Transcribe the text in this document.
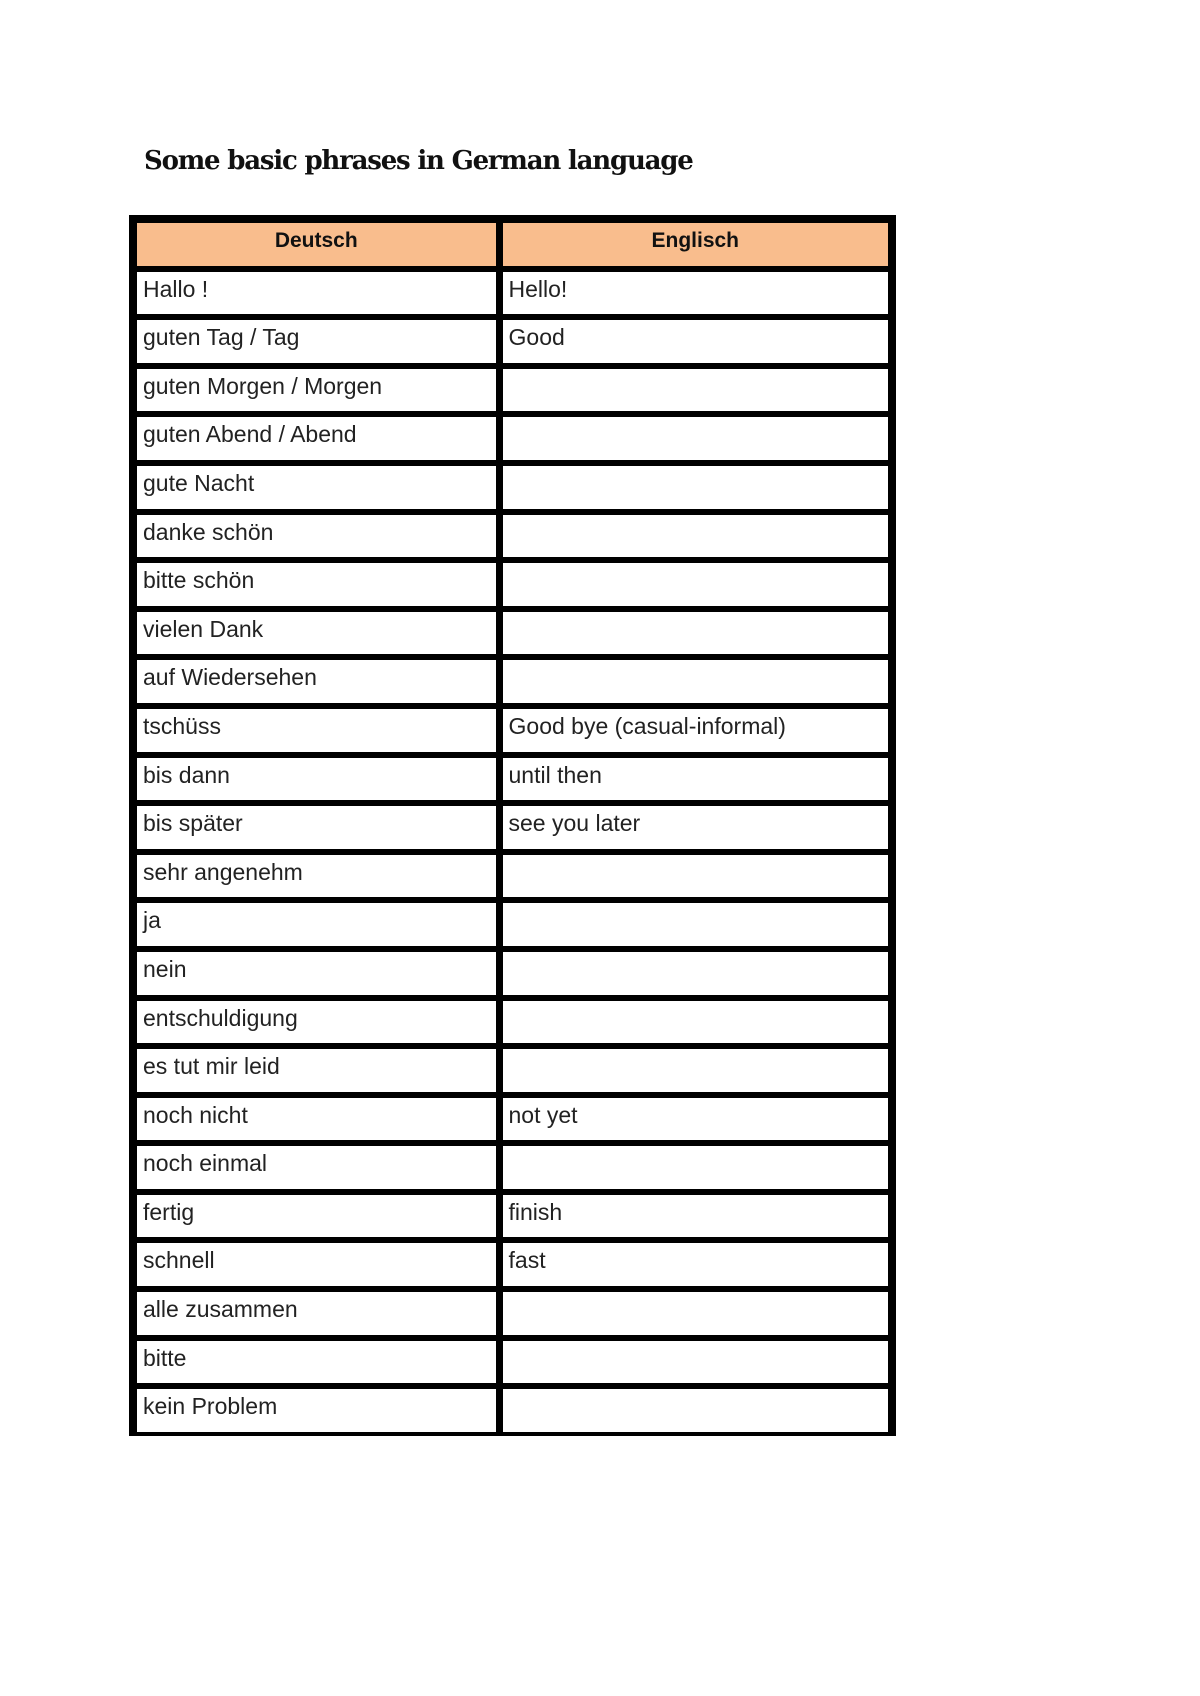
Some basic phrases in German language
Deutsch	Englisch
Hallo !	Hello!
guten Tag / Tag	Good
guten Morgen / Morgen
guten Abend / Abend
gute Nacht
danke schön
bitte schön
vielen Dank
auf Wiedersehen
tschüss	Good bye (casual-informal)
bis dann	until then
bis später	see you later
sehr angenehm
ja
nein
entschuldigung
es tut mir leid
noch nicht	not yet
noch einmal
fertig	finish
schnell	fast
alle zusammen
bitte
kein Problem
